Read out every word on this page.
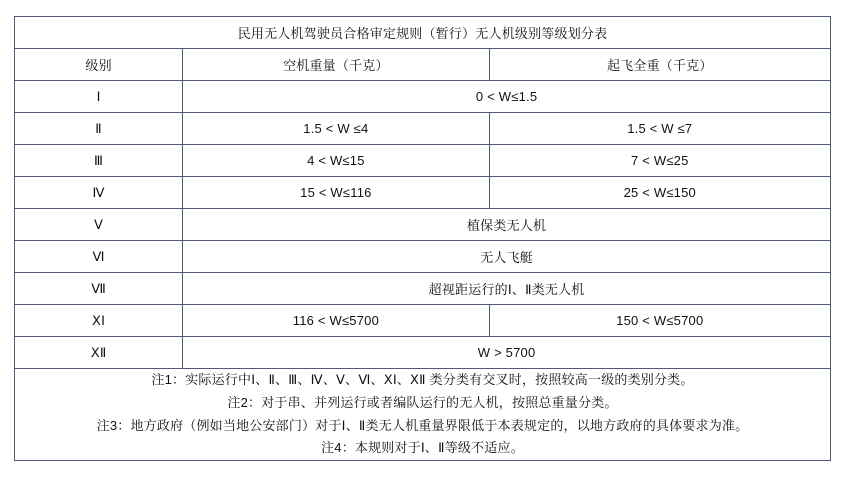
民用无人机驾驶员合格审定规则（暂行）无人机级别等级划分表		
级别	空机重量（千克）	起飞全重（千克）
Ⅰ	0 < W≤1.5	
Ⅱ	1.5 < W ≤4	1.5 < W ≤7
Ⅲ	4 < W≤15	7 < W≤25
Ⅳ	15 < W≤116	25 < W≤150
Ⅴ	植保类无人机	
Ⅵ	无人飞艇	
Ⅶ	超视距运行的Ⅰ、Ⅱ类无人机	
ⅩⅠ	116 < W≤5700	150 < W≤5700
ⅩⅡ	W > 5700	

注1：实际运行中Ⅰ、Ⅱ、Ⅲ、Ⅳ、Ⅴ、Ⅵ、ⅩⅠ、ⅩⅡ 类分类有交叉时，按照较高一级的类别分类。
注2：对于串、并列运行或者编队运行的无人机，按照总重量分类。
注3：地方政府（例如当地公安部门）对于Ⅰ、Ⅱ类无人机重量界限低于本表规定的，以地方政府的具体要求为准。
注4：本规则对于Ⅰ、Ⅱ等级不适应。		
